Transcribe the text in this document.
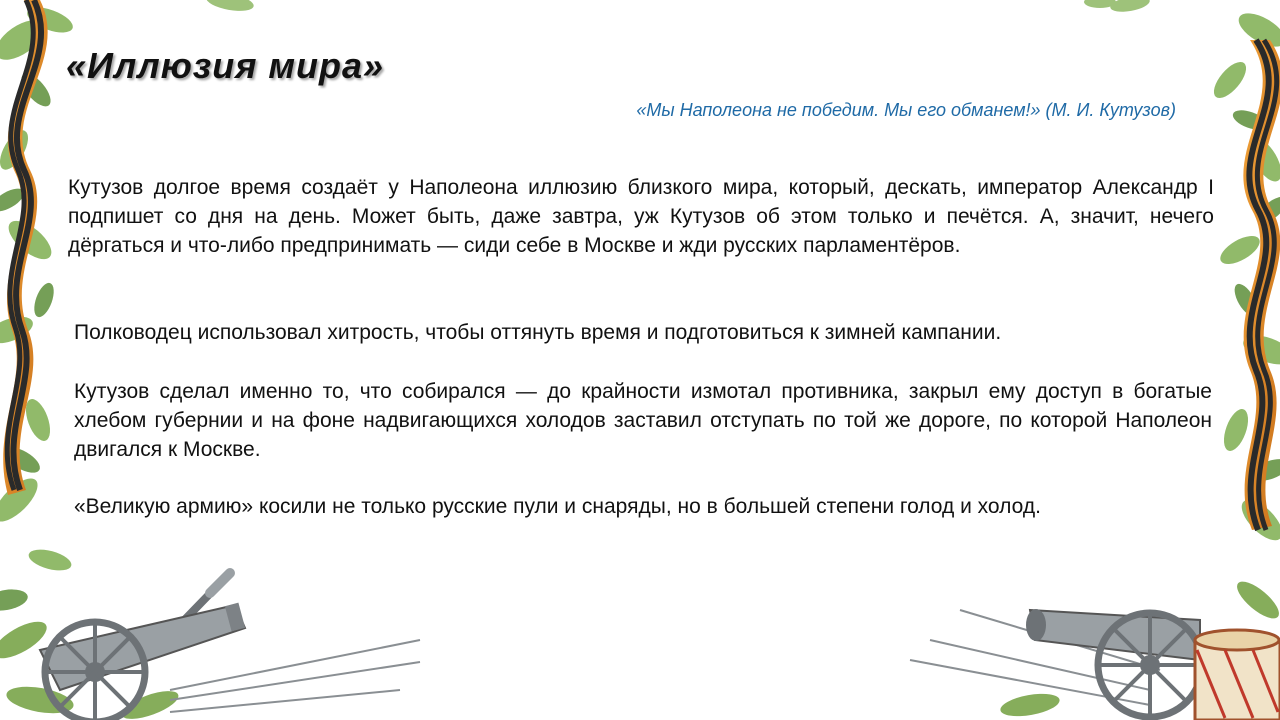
«Иллюзия мира»
«Мы Наполеона не победим. Мы его обманем!» (М. И. Кутузов)
Кутузов долгое время создаёт у Наполеона иллюзию близкого мира, который, дескать, император Александр I подпишет со дня на день. Может быть, даже завтра, уж Кутузов об этом только и печётся. А, значит, нечего дёргаться и что-либо предпринимать — сиди себе в Москве и жди русских парламентёров.
Полководец использовал хитрость, чтобы оттянуть время и подготовиться к зимней кампании.
Кутузов сделал именно то, что собирался — до крайности измотал противника, закрыл ему доступ в богатые хлебом губернии и на фоне надвигающихся холодов заставил отступать по той же дороге, по которой Наполеон двигался к Москве.
«Великую армию» косили не только русские пули и снаряды, но в большей степени голод и холод.
